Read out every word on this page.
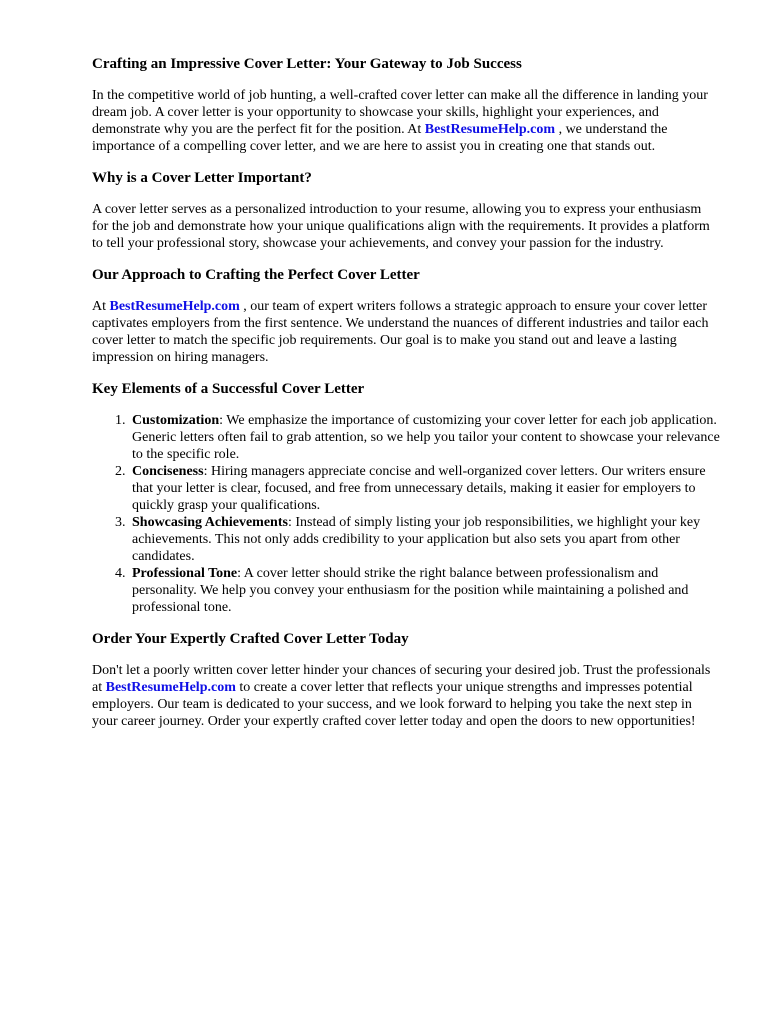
Crafting an Impressive Cover Letter: Your Gateway to Job Success

In the competitive world of job hunting, a well-crafted cover letter can make all the difference in landing your dream job. A cover letter is your opportunity to showcase your skills, highlight your experiences, and demonstrate why you are the perfect fit for the position. At BestResumeHelp.com , we understand the importance of a compelling cover letter, and we are here to assist you in creating one that stands out.

Why is a Cover Letter Important?

A cover letter serves as a personalized introduction to your resume, allowing you to express your enthusiasm for the job and demonstrate how your unique qualifications align with the requirements. It provides a platform to tell your professional story, showcase your achievements, and convey your passion for the industry.

Our Approach to Crafting the Perfect Cover Letter

At BestResumeHelp.com , our team of expert writers follows a strategic approach to ensure your cover letter captivates employers from the first sentence. We understand the nuances of different industries and tailor each cover letter to match the specific job requirements. Our goal is to make you stand out and leave a lasting impression on hiring managers.

Key Elements of a Successful Cover Letter
1. Customization: We emphasize the importance of customizing your cover letter for each job application. Generic letters often fail to grab attention, so we help you tailor your content to showcase your relevance to the specific role.
2. Conciseness: Hiring managers appreciate concise and well-organized cover letters. Our writers ensure that your letter is clear, focused, and free from unnecessary details, making it easier for employers to quickly grasp your qualifications.
3. Showcasing Achievements: Instead of simply listing your job responsibilities, we highlight your key achievements. This not only adds credibility to your application but also sets you apart from other candidates.
4. Professional Tone: A cover letter should strike the right balance between professionalism and personality. We help you convey your enthusiasm for the position while maintaining a polished and professional tone.
Order Your Expertly Crafted Cover Letter Today

Don't let a poorly written cover letter hinder your chances of securing your desired job. Trust the professionals at BestResumeHelp.com to create a cover letter that reflects your unique strengths and impresses potential employers. Our team is dedicated to your success, and we look forward to helping you take the next step in your career journey. Order your expertly crafted cover letter today and open the doors to new opportunities!
